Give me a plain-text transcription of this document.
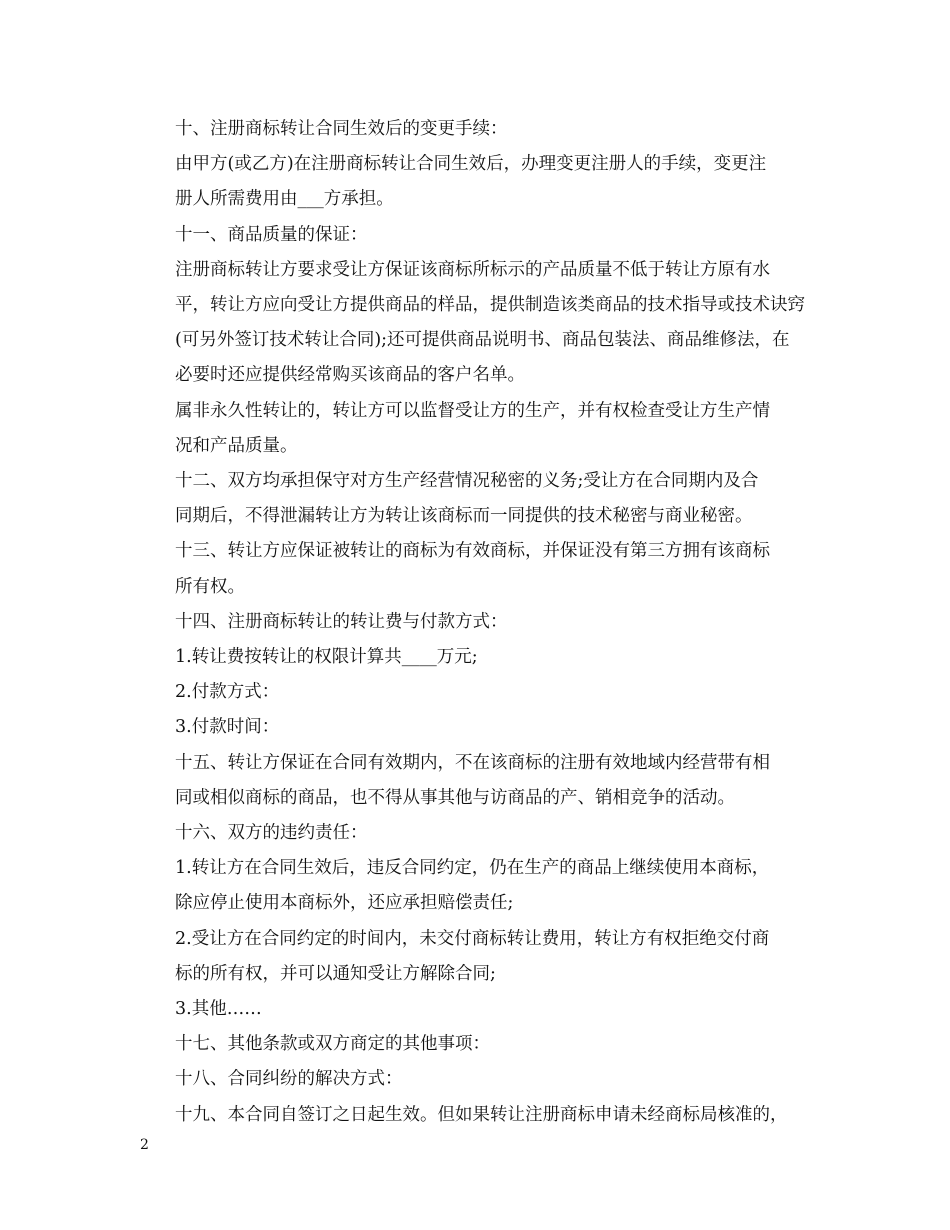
十、注册商标转让合同生效后的变更手续：

由甲方(或乙方)在注册商标转让合同生效后，办理变更注册人的手续，变更注
册人所需费用由___方承担。

十一、商品质量的保证：

注册商标转让方要求受让方保证该商标所标示的产品质量不低于转让方原有水
平，转让方应向受让方提供商品的样品，提供制造该类商品的技术指导或技术诀窍
(可另外签订技术转让合同);还可提供商品说明书、商品包装法、商品维修法，在
必要时还应提供经常购买该商品的客户名单。

属非永久性转让的，转让方可以监督受让方的生产，并有权检查受让方生产情
况和产品质量。

十二、双方均承担保守对方生产经营情况秘密的义务;受让方在合同期内及合
同期后，不得泄漏转让方为转让该商标而一同提供的技术秘密与商业秘密。

十三、转让方应保证被转让的商标为有效商标，并保证没有第三方拥有该商标
所有权。

十四、注册商标转让的转让费与付款方式：

1.转让费按转让的权限计算共____万元;

2.付款方式：

3.付款时间：

十五、转让方保证在合同有效期内，不在该商标的注册有效地域内经营带有相
同或相似商标的商品，也不得从事其他与访商品的产、销相竞争的活动。

十六、双方的违约责任：

1.转让方在合同生效后，违反合同约定，仍在生产的商品上继续使用本商标，
除应停止使用本商标外，还应承担赔偿责任;

2.受让方在合同约定的时间内，未交付商标转让费用，转让方有权拒绝交付商
标的所有权，并可以通知受让方解除合同;

3.其他……

十七、其他条款或双方商定的其他事项：

十八、合同纠纷的解决方式：

十九、本合同自签订之日起生效。但如果转让注册商标申请未经商标局核准的，

2
